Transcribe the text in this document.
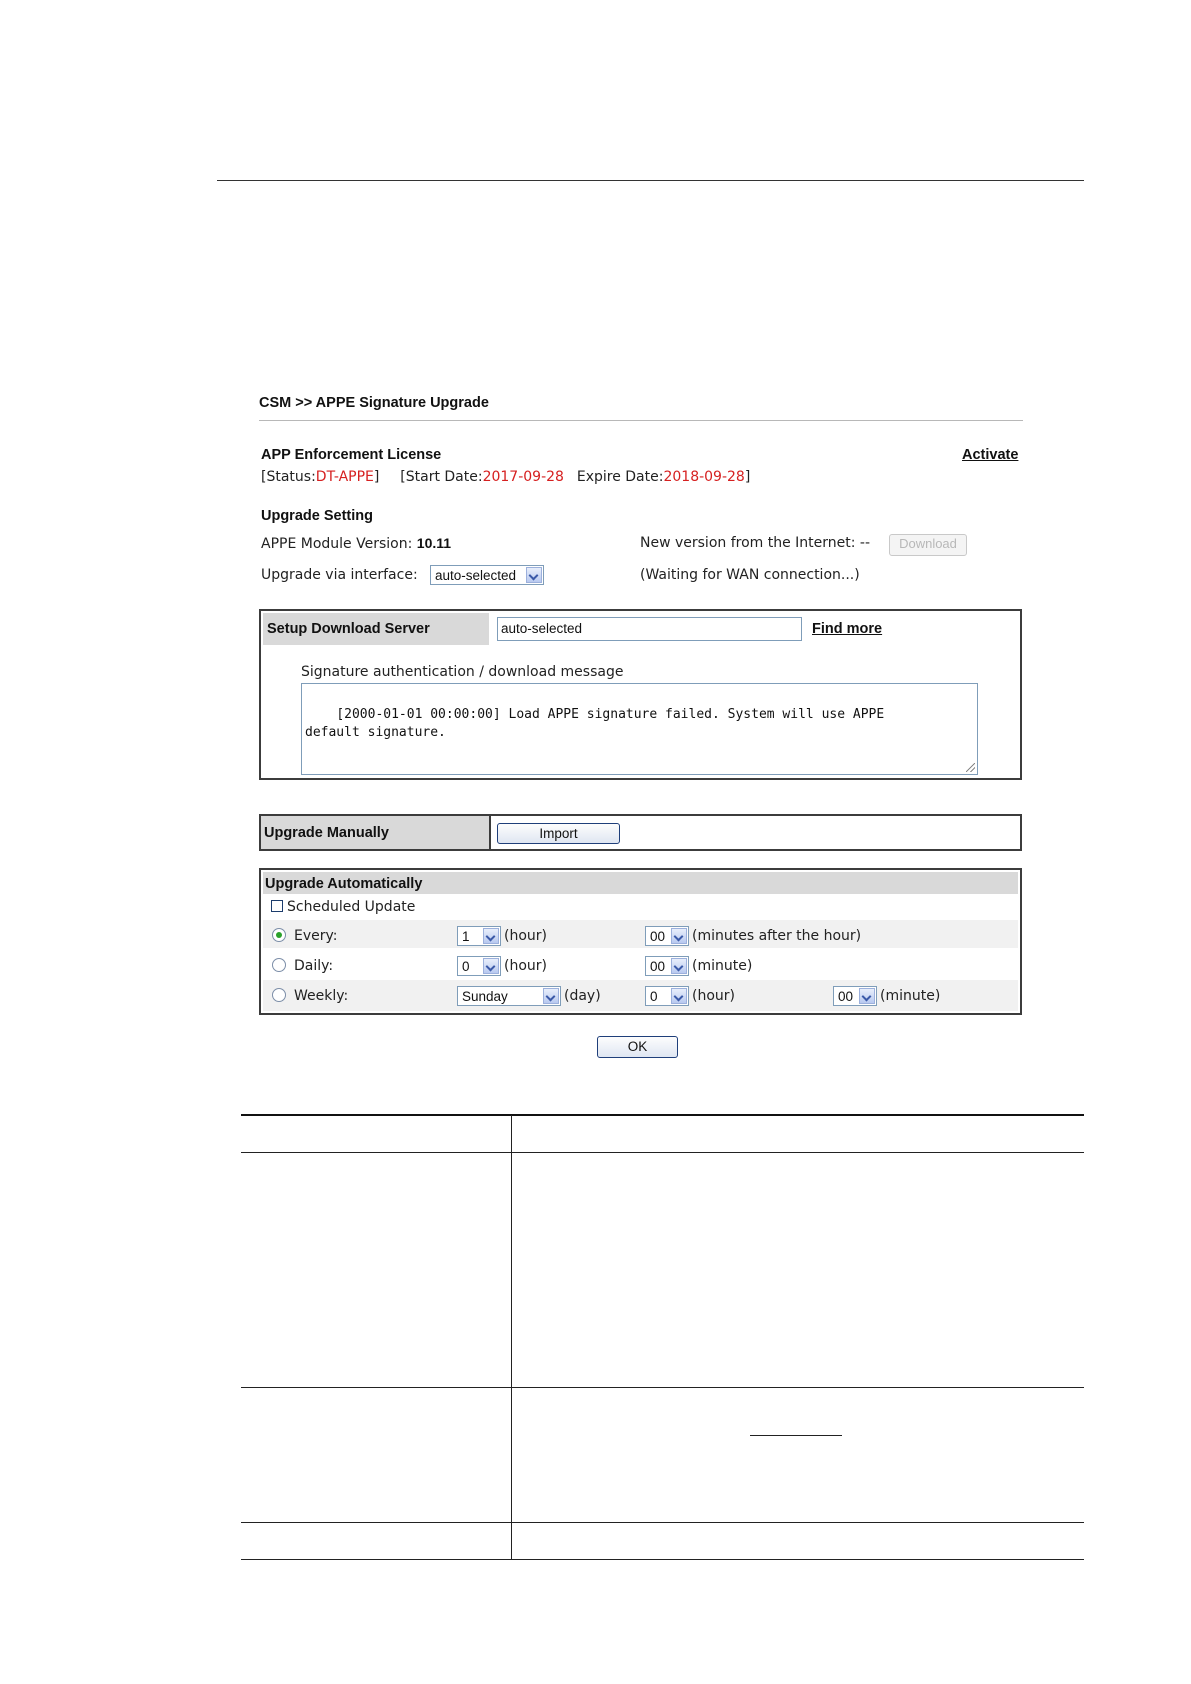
CSM >> APPE Signature Upgrade
APP Enforcement License	Activate
[Status:DT-APPE] [Start Date:2017-09-28 Expire Date:2018-09-28]
Upgrade Setting
APPE Module Version: 10.11	New version from the Internet: --	Download
Upgrade via interface:	auto-selected	(Waiting for WAN connection...)
Setup Download Server	auto-selected	Find more
Signature authentication / download message

[2000-01-01 00:00:00] Load APPE signature failed. System will use APPE
default signature.

Upgrade Manually	Import
Upgrade Automatically
Scheduled Update
Every:	1	(hour)	00	(minutes after the hour)
Daily:	0	(hour)	00	(minute)
Weekly:	Sunday	(day)	0	(hour)	00	(minute)
OK
